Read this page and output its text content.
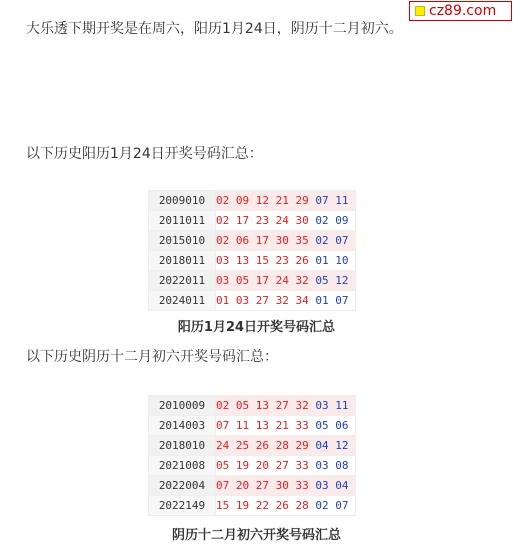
cz89.com
大乐透下期开奖是在周六，阳历1月24日，阴历十二月初六。
以下历史阳历1月24日开奖号码汇总：
2009010	02 09 12 21 29 07 11
2011011	02 17 23 24 30 02 09
2015010	02 06 17 30 35 02 07
2018011	03 13 15 23 26 01 10
2022011	03 05 17 24 32 05 12
2024011	01 03 27 32 34 01 07
阳历1月24日开奖号码汇总
以下历史阴历十二月初六开奖号码汇总：
2010009	02 05 13 27 32 03 11
2014003	07 11 13 21 33 05 06
2018010	24 25 26 28 29 04 12
2021008	05 19 20 27 33 03 08
2022004	07 20 27 30 33 03 04
2022149	15 19 22 26 28 02 07
阴历十二月初六开奖号码汇总
